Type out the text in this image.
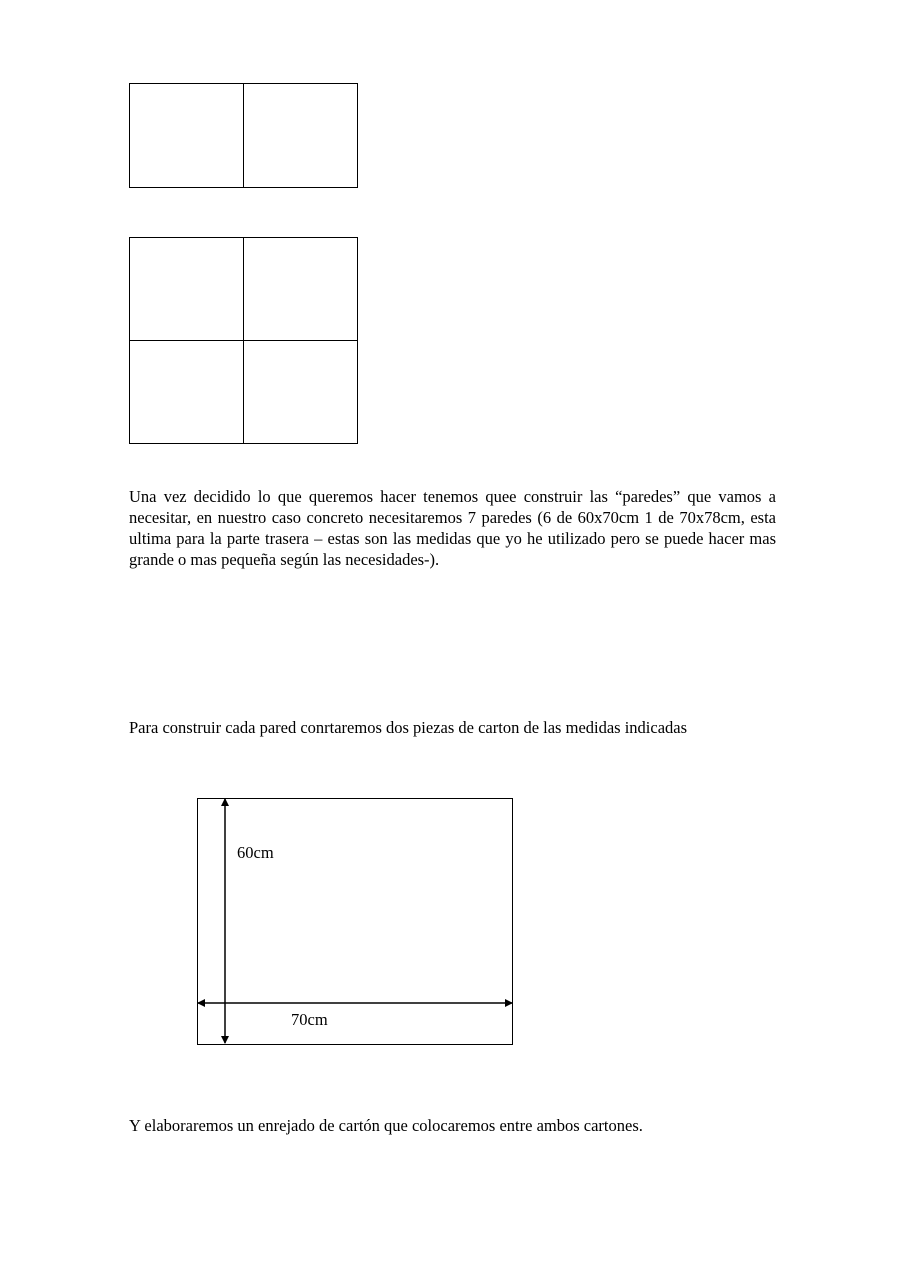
Una vez decidido lo que queremos hacer tenemos quee construir las “paredes” que vamos a necesitar, en nuestro caso concreto necesitaremos 7 paredes (6 de 60x70cm 1 de 70x78cm, esta ultima para la parte trasera – estas son las medidas que yo he utilizado pero se puede hacer mas grande o mas pequeña según las necesidades-).

Para construir cada pared conrtaremos dos piezas de carton de las medidas indicadas

60cm
70cm

Y elaboraremos un enrejado de cartón que colocaremos entre ambos cartones.
